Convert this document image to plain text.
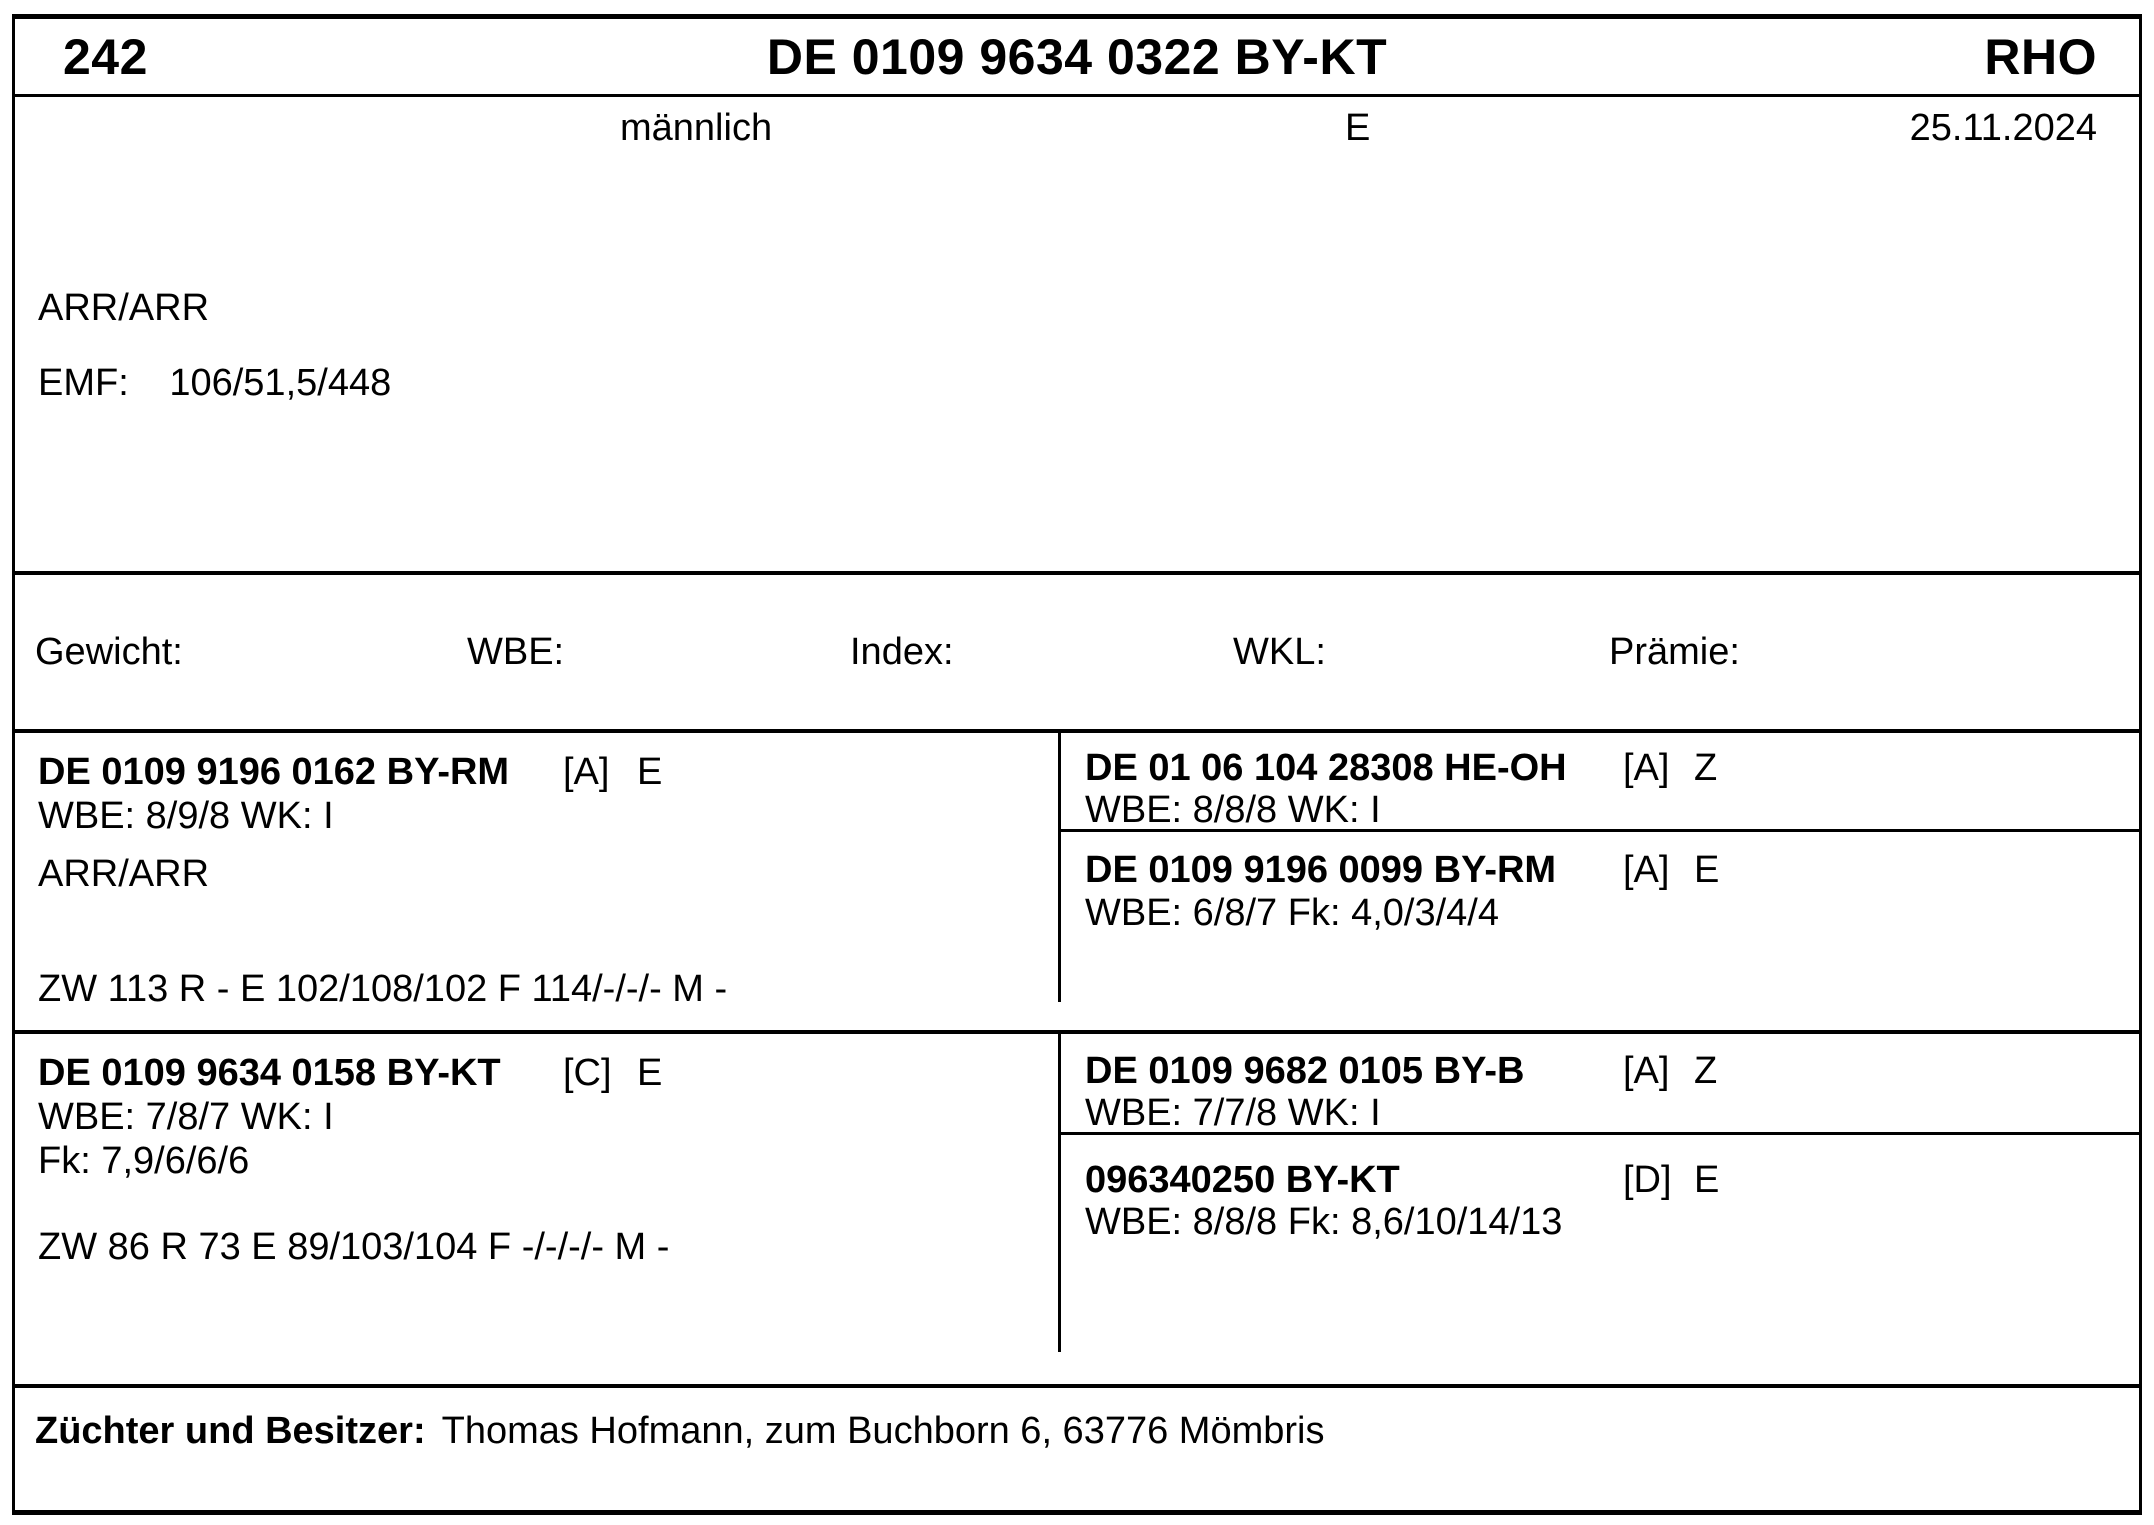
242	DE 0109 9634 0322 BY-KT	RHO
männlich	E	25.11.2024
ARR/ARR
EMF: 106/51,5/448
Gewicht:	WBE:	Index:	WKL:	Prämie:
DE 0109 9196 0162 BY-RM [A] E
WBE: 8/9/8 WK: I
ARR/ARR
ZW 113 R - E 102/108/102 F 114/-/-/- M -
DE 01 06 104 28308 HE-OH [A] Z
WBE: 8/8/8 WK: I
DE 0109 9196 0099 BY-RM [A] E
WBE: 6/8/7 Fk: 4,0/3/4/4
DE 0109 9634 0158 BY-KT [C] E
WBE: 7/8/7 WK: I
Fk: 7,9/6/6/6
ZW 86 R 73 E 89/103/104 F -/-/-/- M -
DE 0109 9682 0105 BY-B	[A] Z
WBE: 7/7/8 WK: I
096340250 BY-KT	[D] E
WBE: 8/8/8 Fk: 8,6/10/14/13
Züchter und Besitzer: Thomas Hofmann, zum Buchborn 6, 63776 Mömbris
